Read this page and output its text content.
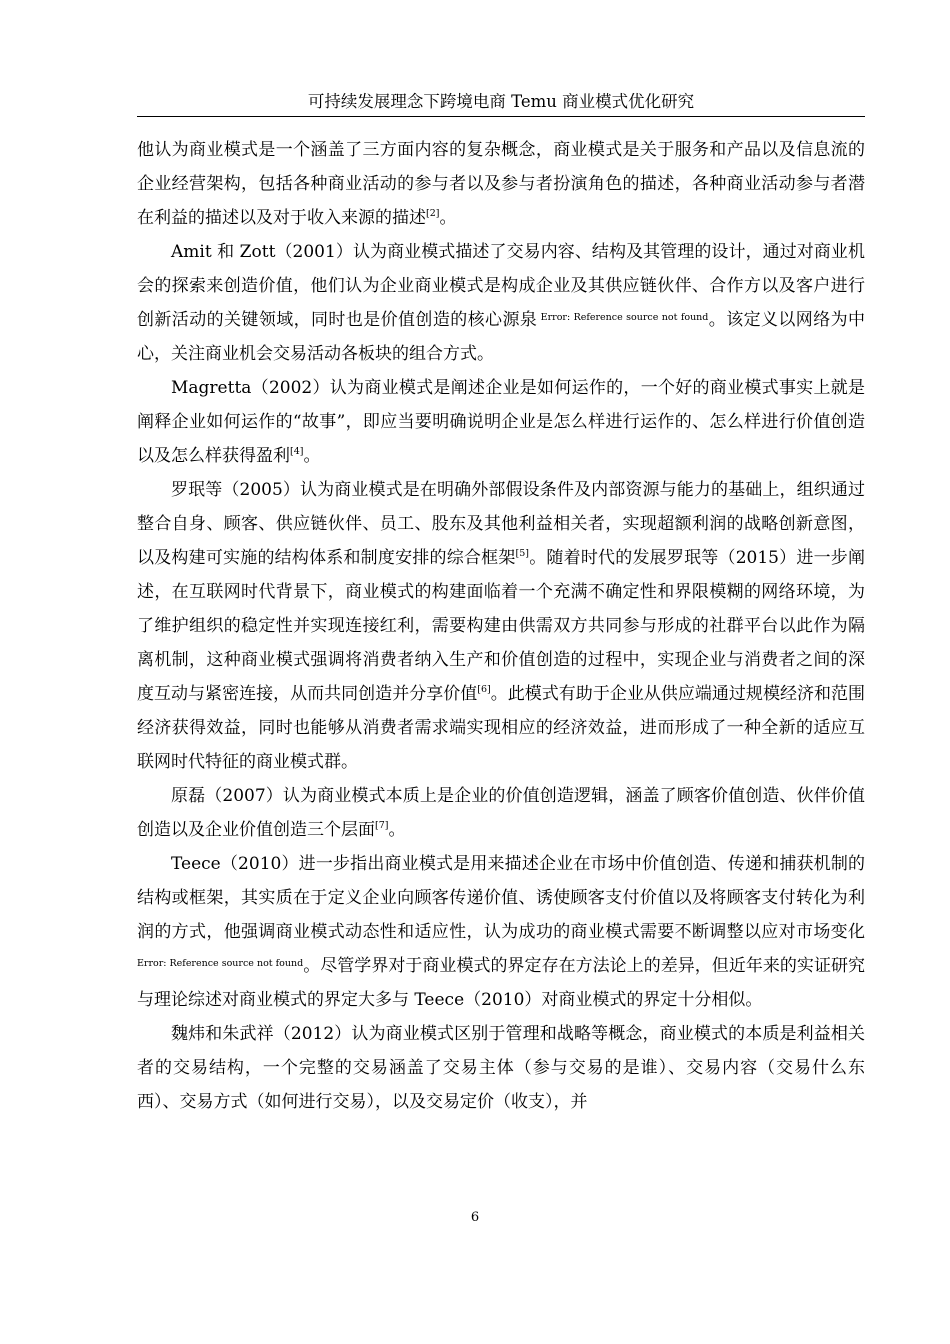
可持续发展理念下跨境电商 Temu 商业模式优化研究

他认为商业模式是一个涵盖了三方面内容的复杂概念，商业模式是关于服务和产品以及信息流的企业经营架构，包括各种商业活动的参与者以及参与者扮演角色的描述，各种商业活动参与者潜在利益的描述以及对于收入来源的描述[2]。

Amit 和 Zott（2001）认为商业模式描述了交易内容、结构及其管理的设计，通过对商业机会的探索来创造价值，他们认为企业商业模式是构成企业及其供应链伙伴、合作方以及客户进行创新活动的关键领域，同时也是价值创造的核心源泉 $^{Error: Reference source not found}$。该定义以网络为中心，关注商业机会交易活动各板块的组合方式。

Magretta（2002）认为商业模式是阐述企业是如何运作的，一个好的商业模式事实上就是阐释企业如何运作的“故事”，即应当要明确说明企业是怎么样进行运作的、怎么样进行价值创造以及怎么样获得盈利[4]。

罗珉等（2005）认为商业模式是在明确外部假设条件及内部资源与能力的基础上，组织通过整合自身、顾客、供应链伙伴、员工、股东及其他利益相关者，实现超额利润的战略创新意图，以及构建可实施的结构体系和制度安排的综合框架[5]。随着时代的发展罗珉等（2015）进一步阐述，在互联网时代背景下，商业模式的构建面临着一个充满不确定性和界限模糊的网络环境，为了维护组织的稳定性并实现连接红利，需要构建由供需双方共同参与形成的社群平台以此作为隔离机制，这种商业模式强调将消费者纳入生产和价值创造的过程中，实现企业与消费者之间的深度互动与紧密连接，从而共同创造并分享价值[6]。此模式有助于企业从供应端通过规模经济和范围经济获得效益，同时也能够从消费者需求端实现相应的经济效益，进而形成了一种全新的适应互联网时代特征的商业模式群。

原磊（2007）认为商业模式本质上是企业的价值创造逻辑，涵盖了顾客价值创造、伙伴价值创造以及企业价值创造三个层面[7]。

Teece（2010）进一步指出商业模式是用来描述企业在市场中价值创造、传递和捕获机制的结构或框架，其实质在于定义企业向顾客传递价值、诱使顾客支付价值以及将顾客支付转化为利润的方式，他强调商业模式动态性和适应性，认为成功的商业模式需要不断调整以应对市场变化 $^{Error: Reference source not found}$。尽管学界对于商业模式的界定存在方法论上的差异，但近年来的实证研究与理论综述对商业模式的界定大多与 Teece（2010）对商业模式的界定十分相似。

魏炜和朱武祥（2012）认为商业模式区别于管理和战略等概念，商业模式的本质是利益相关者的交易结构，一个完整的交易涵盖了交易主体（参与交易的是谁）、交易内容（交易什么东西）、交易方式（如何进行交易），以及交易定价（收支），并

6
